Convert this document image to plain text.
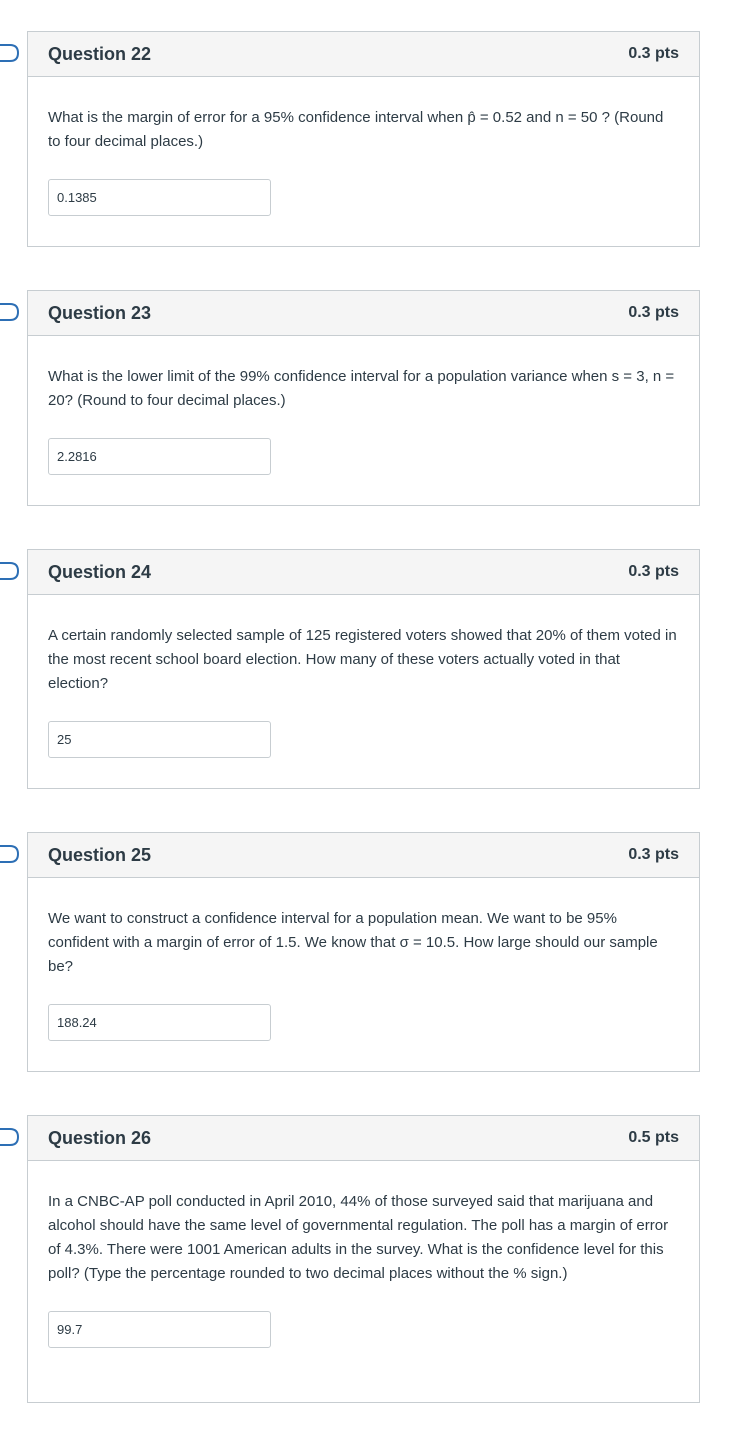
Question 22	0.3 pts

What is the margin of error for a 95% confidence interval when p̂ = 0.52 and n = 50 ? (Round to four decimal places.)

0.1385
Question 23	0.3 pts

What is the lower limit of the 99% confidence interval for a population variance when s = 3, n = 20? (Round to four decimal places.)

2.2816
Question 24	0.3 pts

A certain randomly selected sample of 125 registered voters showed that 20% of them voted in the most recent school board election. How many of these voters actually voted in that election?

25
Question 25	0.3 pts

We want to construct a confidence interval for a population mean. We want to be 95% confident with a margin of error of 1.5. We know that σ = 10.5. How large should our sample be?

188.24
Question 26	0.5 pts

In a CNBC-AP poll conducted in April 2010, 44% of those surveyed said that marijuana and alcohol should have the same level of governmental regulation. The poll has a margin of error of 4.3%. There were 1001 American adults in the survey. What is the confidence level for this poll? (Type the percentage rounded to two decimal places without the % sign.)

99.7
